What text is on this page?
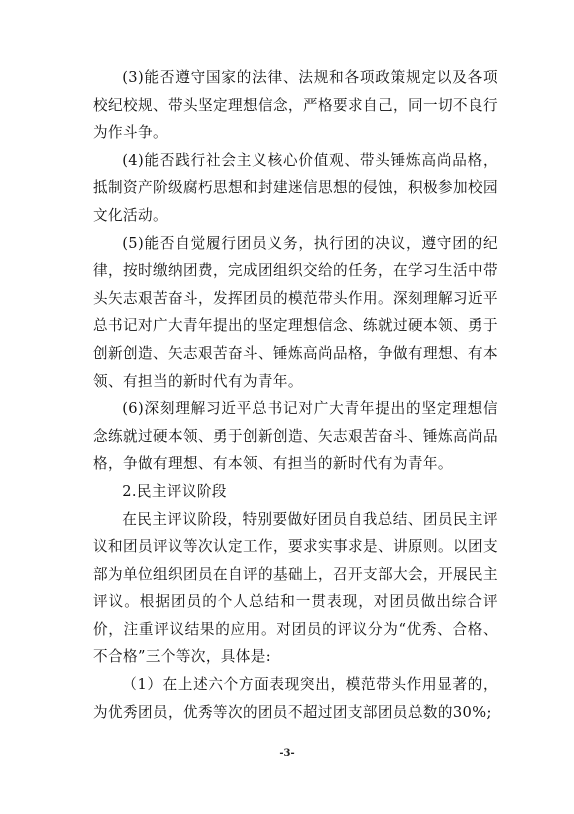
(3)能否遵守国家的法律、法规和各项政策规定以及各项校纪校规、带头坚定理想信念，严格要求自己，同一切不良行为作斗争。

(4)能否践行社会主义核心价值观、带头锤炼高尚品格，抵制资产阶级腐朽思想和封建迷信思想的侵蚀，积极参加校园文化活动。

(5)能否自觉履行团员义务，执行团的决议，遵守团的纪律，按时缴纳团费，完成团组织交给的任务，在学习生活中带头矢志艰苦奋斗，发挥团员的模范带头作用。深刻理解习近平总书记对广大青年提出的坚定理想信念、练就过硬本领、勇于创新创造、矢志艰苦奋斗、锤炼高尚品格，争做有理想、有本领、有担当的新时代有为青年。

(6)深刻理解习近平总书记对广大青年提出的坚定理想信念练就过硬本领、勇于创新创造、矢志艰苦奋斗、锤炼高尚品格，争做有理想、有本领、有担当的新时代有为青年。

2.民主评议阶段

在民主评议阶段，特别要做好团员自我总结、团员民主评议和团员评议等次认定工作，要求实事求是、讲原则。以团支部为单位组织团员在自评的基础上，召开支部大会，开展民主评议。根据团员的个人总结和一贯表现，对团员做出综合评价，注重评议结果的应用。对团员的评议分为“优秀、合格、不合格”三个等次，具体是:

（1）在上述六个方面表现突出，模范带头作用显著的，为优秀团员，优秀等次的团员不超过团支部团员总数的30%;

-3-
